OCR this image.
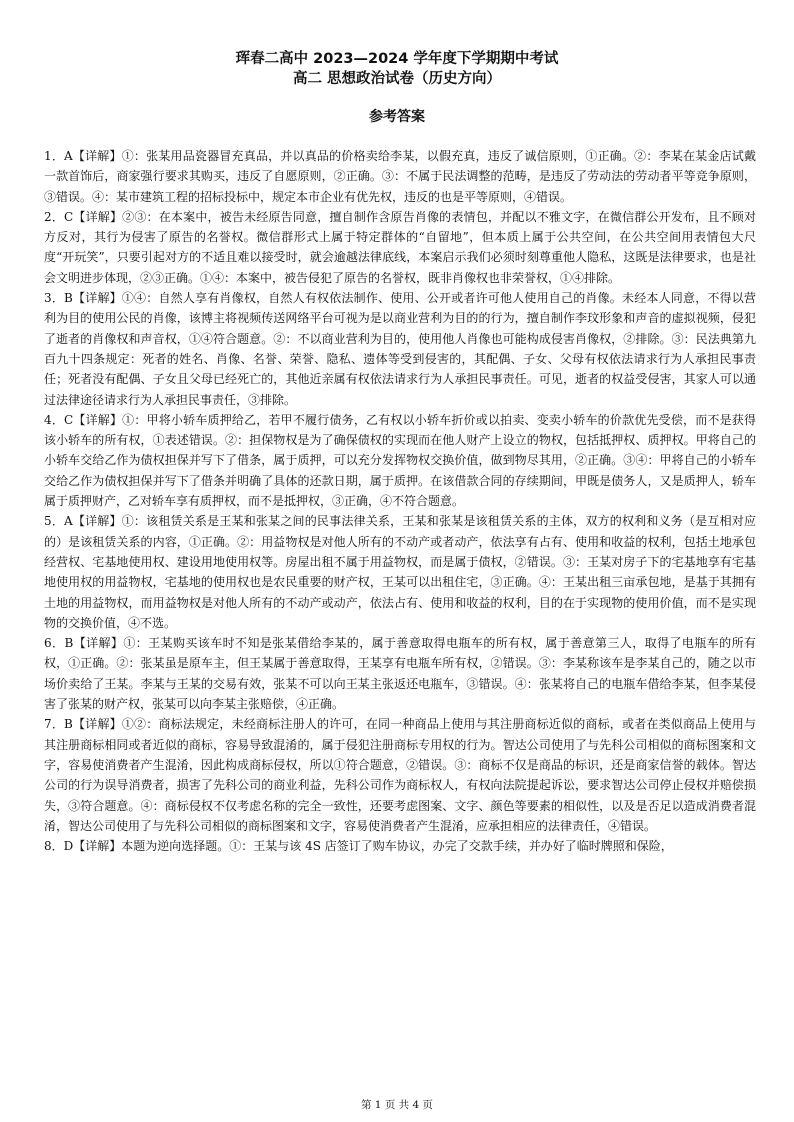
珲春二高中 2023—2024 学年度下学期期中考试
高二 思想政治试卷（历史方向）
参考答案

1．A【详解】①：张某用品瓷器冒充真品，并以真品的价格卖给李某，以假充真，违反了诚信原则，①正确。②：李某在某金店试戴一款首饰后，商家强行要求其购买，违反了自愿原则，②正确。③：不属于民法调整的范畴，是违反了劳动法的劳动者平等竞争原则，③错误。④：某市建筑工程的招标投标中，规定本市企业有优先权，违反的也是平等原则，④错误。

2．C【详解】②③：在本案中，被告未经原告同意，擅自制作含原告肖像的表情包，并配以不雅文字，在微信群公开发布，且不顾对方反对，其行为侵害了原告的名誉权。微信群形式上属于特定群体的“自留地”，但本质上属于公共空间，在公共空间用表情包大尺度“开玩笑”，只要引起对方的不适且难以接受时，就会逾越法律底线，本案启示我们必须时刻尊重他人隐私，这既是法律要求，也是社会文明进步体现，②③正确。①④：本案中，被告侵犯了原告的名誉权，既非肖像权也非荣誉权，①④排除。

3．B【详解】①④：自然人享有肖像权，自然人有权依法制作、使用、公开或者许可他人使用自己的肖像。未经本人同意，不得以营利为目的使用公民的肖像，该博主将视频传送网络平台可视为是以商业营利为目的的行为，擅自制作李玟形象和声音的虚拟视频，侵犯了逝者的肖像权和声音权，①④符合题意。②：不以商业营利为目的，使用他人肖像也可能构成侵害肖像权，②排除。③：民法典第九百九十四条规定：死者的姓名、肖像、名誉、荣誉、隐私、遗体等受到侵害的，其配偶、子女、父母有权依法请求行为人承担民事责任；死者没有配偶、子女且父母已经死亡的，其他近亲属有权依法请求行为人承担民事责任。可见，逝者的权益受侵害，其家人可以通过法律途径请求行为人承担民事责任，③排除。

4．C【详解】①：甲将小轿车质押给乙，若甲不履行债务，乙有权以小轿车折价或以拍卖、变卖小轿车的价款优先受偿，而不是获得该小轿车的所有权，①表述错误。②：担保物权是为了确保债权的实现而在他人财产上设立的物权，包括抵押权、质押权。甲将自己的小轿车交给乙作为债权担保并写下了借条，属于质押，可以充分发挥物权交换价值，做到物尽其用，②正确。③④：甲将自己的小轿车交给乙作为债权担保并写下了借条并明确了具体的还款日期，属于质押。在该借款合同的存续期间，甲既是债务人，又是质押人，轿车属于质押财产，乙对轿车享有质押权，而不是抵押权，③正确，④不符合题意。

5．A【详解】①：该租赁关系是王某和张某之间的民事法律关系，王某和张某是该租赁关系的主体，双方的权利和义务（是互相对应的）是该租赁关系的内容，①正确。②：用益物权是对他人所有的不动产或者动产，依法享有占有、使用和收益的权利，包括土地承包经营权、宅基地使用权、建设用地使用权等。房屋出租不属于用益物权，而是属于债权，②错误。③：王某对房子下的宅基地享有宅基地使用权的用益物权，宅基地的使用权也是农民重要的财产权，王某可以出租住宅，③正确。④：王某出租三亩承包地，是基于其拥有土地的用益物权，而用益物权是对他人所有的不动产或动产，依法占有、使用和收益的权利，目的在于实现物的使用价值，而不是实现物的交换价值，④不选。

6．B【详解】①：王某购买该车时不知是张某借给李某的，属于善意取得电瓶车的所有权，属于善意第三人，取得了电瓶车的所有权，①正确。②：张某虽是原车主，但王某属于善意取得，王某享有电瓶车所有权，②错误。③：李某称该车是李某自己的，随之以市场价卖给了王某。李某与王某的交易有效，张某不可以向王某主张返还电瓶车，③错误。④：张某将自己的电瓶车借给李某，但李某侵害了张某的财产权，张某可以向李某主张赔偿，④正确。

7．B【详解】①②：商标法规定，未经商标注册人的许可，在同一种商品上使用与其注册商标近似的商标，或者在类似商品上使用与其注册商标相同或者近似的商标，容易导致混淆的，属于侵犯注册商标专用权的行为。智达公司使用了与先科公司相似的商标图案和文字，容易使消费者产生混淆，因此构成商标侵权，所以①符合题意，②错误。③：商标不仅是商品的标识，还是商家信誉的载体。智达公司的行为误导消费者，损害了先科公司的商业利益，先科公司作为商标权人，有权向法院提起诉讼，要求智达公司停止侵权并赔偿损失，③符合题意。④：商标侵权不仅考虑名称的完全一致性，还要考虑图案、文字、颜色等要素的相似性，以及是否足以造成消费者混淆，智达公司使用了与先科公司相似的商标图案和文字，容易使消费者产生混淆，应承担相应的法律责任，④错误。

8．D【详解】本题为逆向选择题。①：王某与该 4S 店签订了购车协议，办完了交款手续，并办好了临时牌照和保险，

第 1 页 共 4 页
